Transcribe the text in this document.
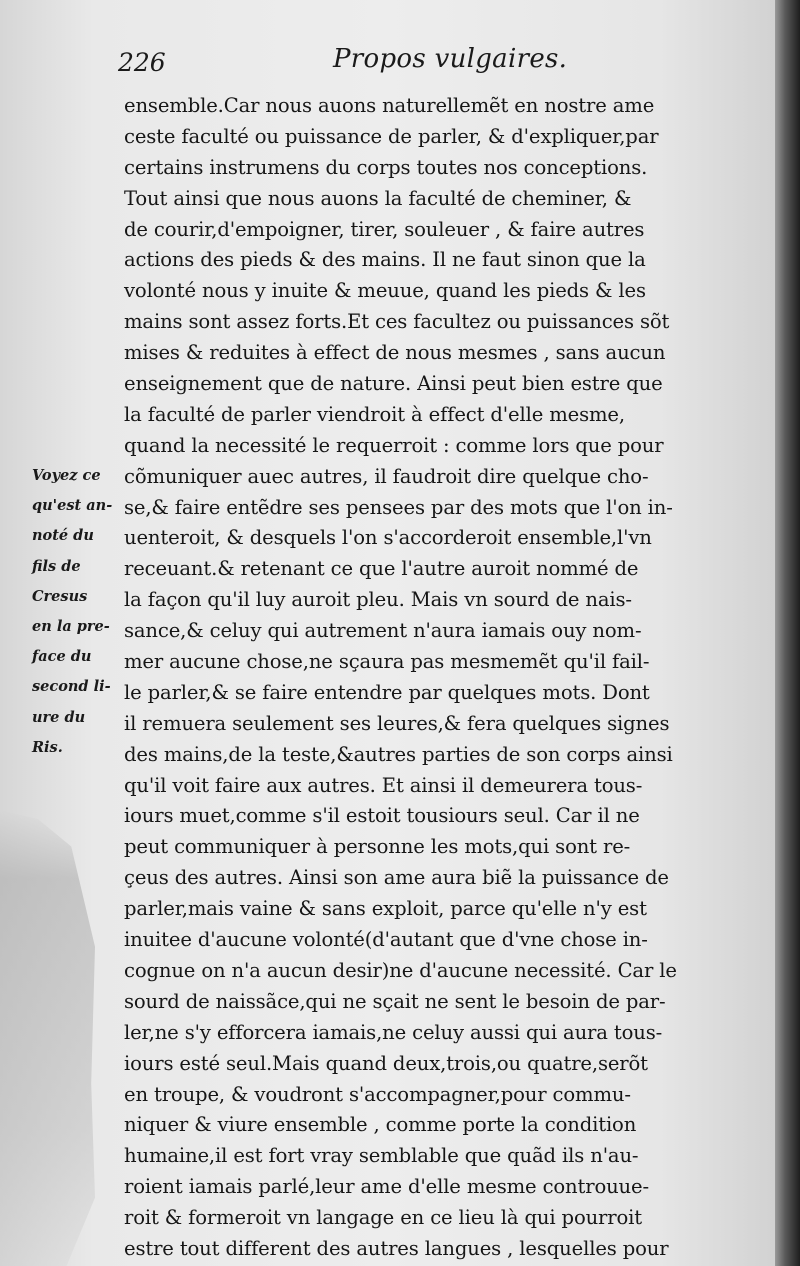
226	Propos vulgaires.
Voyez ce
qu'est an-
noté du
fils de
Cresus
en la pre-
face du
second li-
ure du
Ris.
ensemble.Car nous auons naturellemẽt en nostre ame
ceste faculté ou puissance de parler, & d'expliquer,par
certains instrumens du corps toutes nos conceptions.
Tout ainsi que nous auons la faculté de cheminer, &
de courir,d'empoigner, tirer, souleuer , & faire autres
actions des pieds & des mains. Il ne faut sinon que la
volonté nous y inuite & meuue, quand les pieds & les
mains sont assez forts.Et ces facultez ou puissances sõt
mises & reduites à effect de nous mesmes , sans aucun
enseignement que de nature. Ainsi peut bien estre que
la faculté de parler viendroit à effect d'elle mesme,
quand la necessité le requerroit : comme lors que pour
cõmuniquer auec autres, il faudroit dire quelque cho-
se,& faire entẽdre ses pensees par des mots que l'on in-
uenteroit, & desquels l'on s'accorderoit ensemble,l'vn
receuant.& retenant ce que l'autre auroit nommé de
la façon qu'il luy auroit pleu. Mais vn sourd de nais-
sance,& celuy qui autrement n'aura iamais ouy nom-
mer aucune chose,ne sçaura pas mesmemẽt qu'il fail-
le parler,& se faire entendre par quelques mots. Dont
il remuera seulement ses leures,& fera quelques signes
des mains,de la teste,&autres parties de son corps ainsi
qu'il voit faire aux autres. Et ainsi il demeurera tous-
iours muet,comme s'il estoit tousiours seul. Car il ne
peut communiquer à personne les mots,qui sont re-
çeus des autres. Ainsi son ame aura biẽ la puissance de
parler,mais vaine & sans exploit, parce qu'elle n'y est
inuitee d'aucune volonté(d'autant que d'vne chose in-
cognue on n'a aucun desir)ne d'aucune necessité. Car le
sourd de naissãce,qui ne sçait ne sent le besoin de par-
ler,ne s'y efforcera iamais,ne celuy aussi qui aura tous-
iours esté seul.Mais quand deux,trois,ou quatre,serõt
en troupe, & voudront s'accompagner,pour commu-
niquer & viure ensemble , comme porte la condition
humaine,il est fort vray semblable que quãd ils n'au-
roient iamais parlé,leur ame d'elle mesme controuue-
roit & formeroit vn langage en ce lieu là qui pourroit
estre tout different des autres langues , lesquelles pour
